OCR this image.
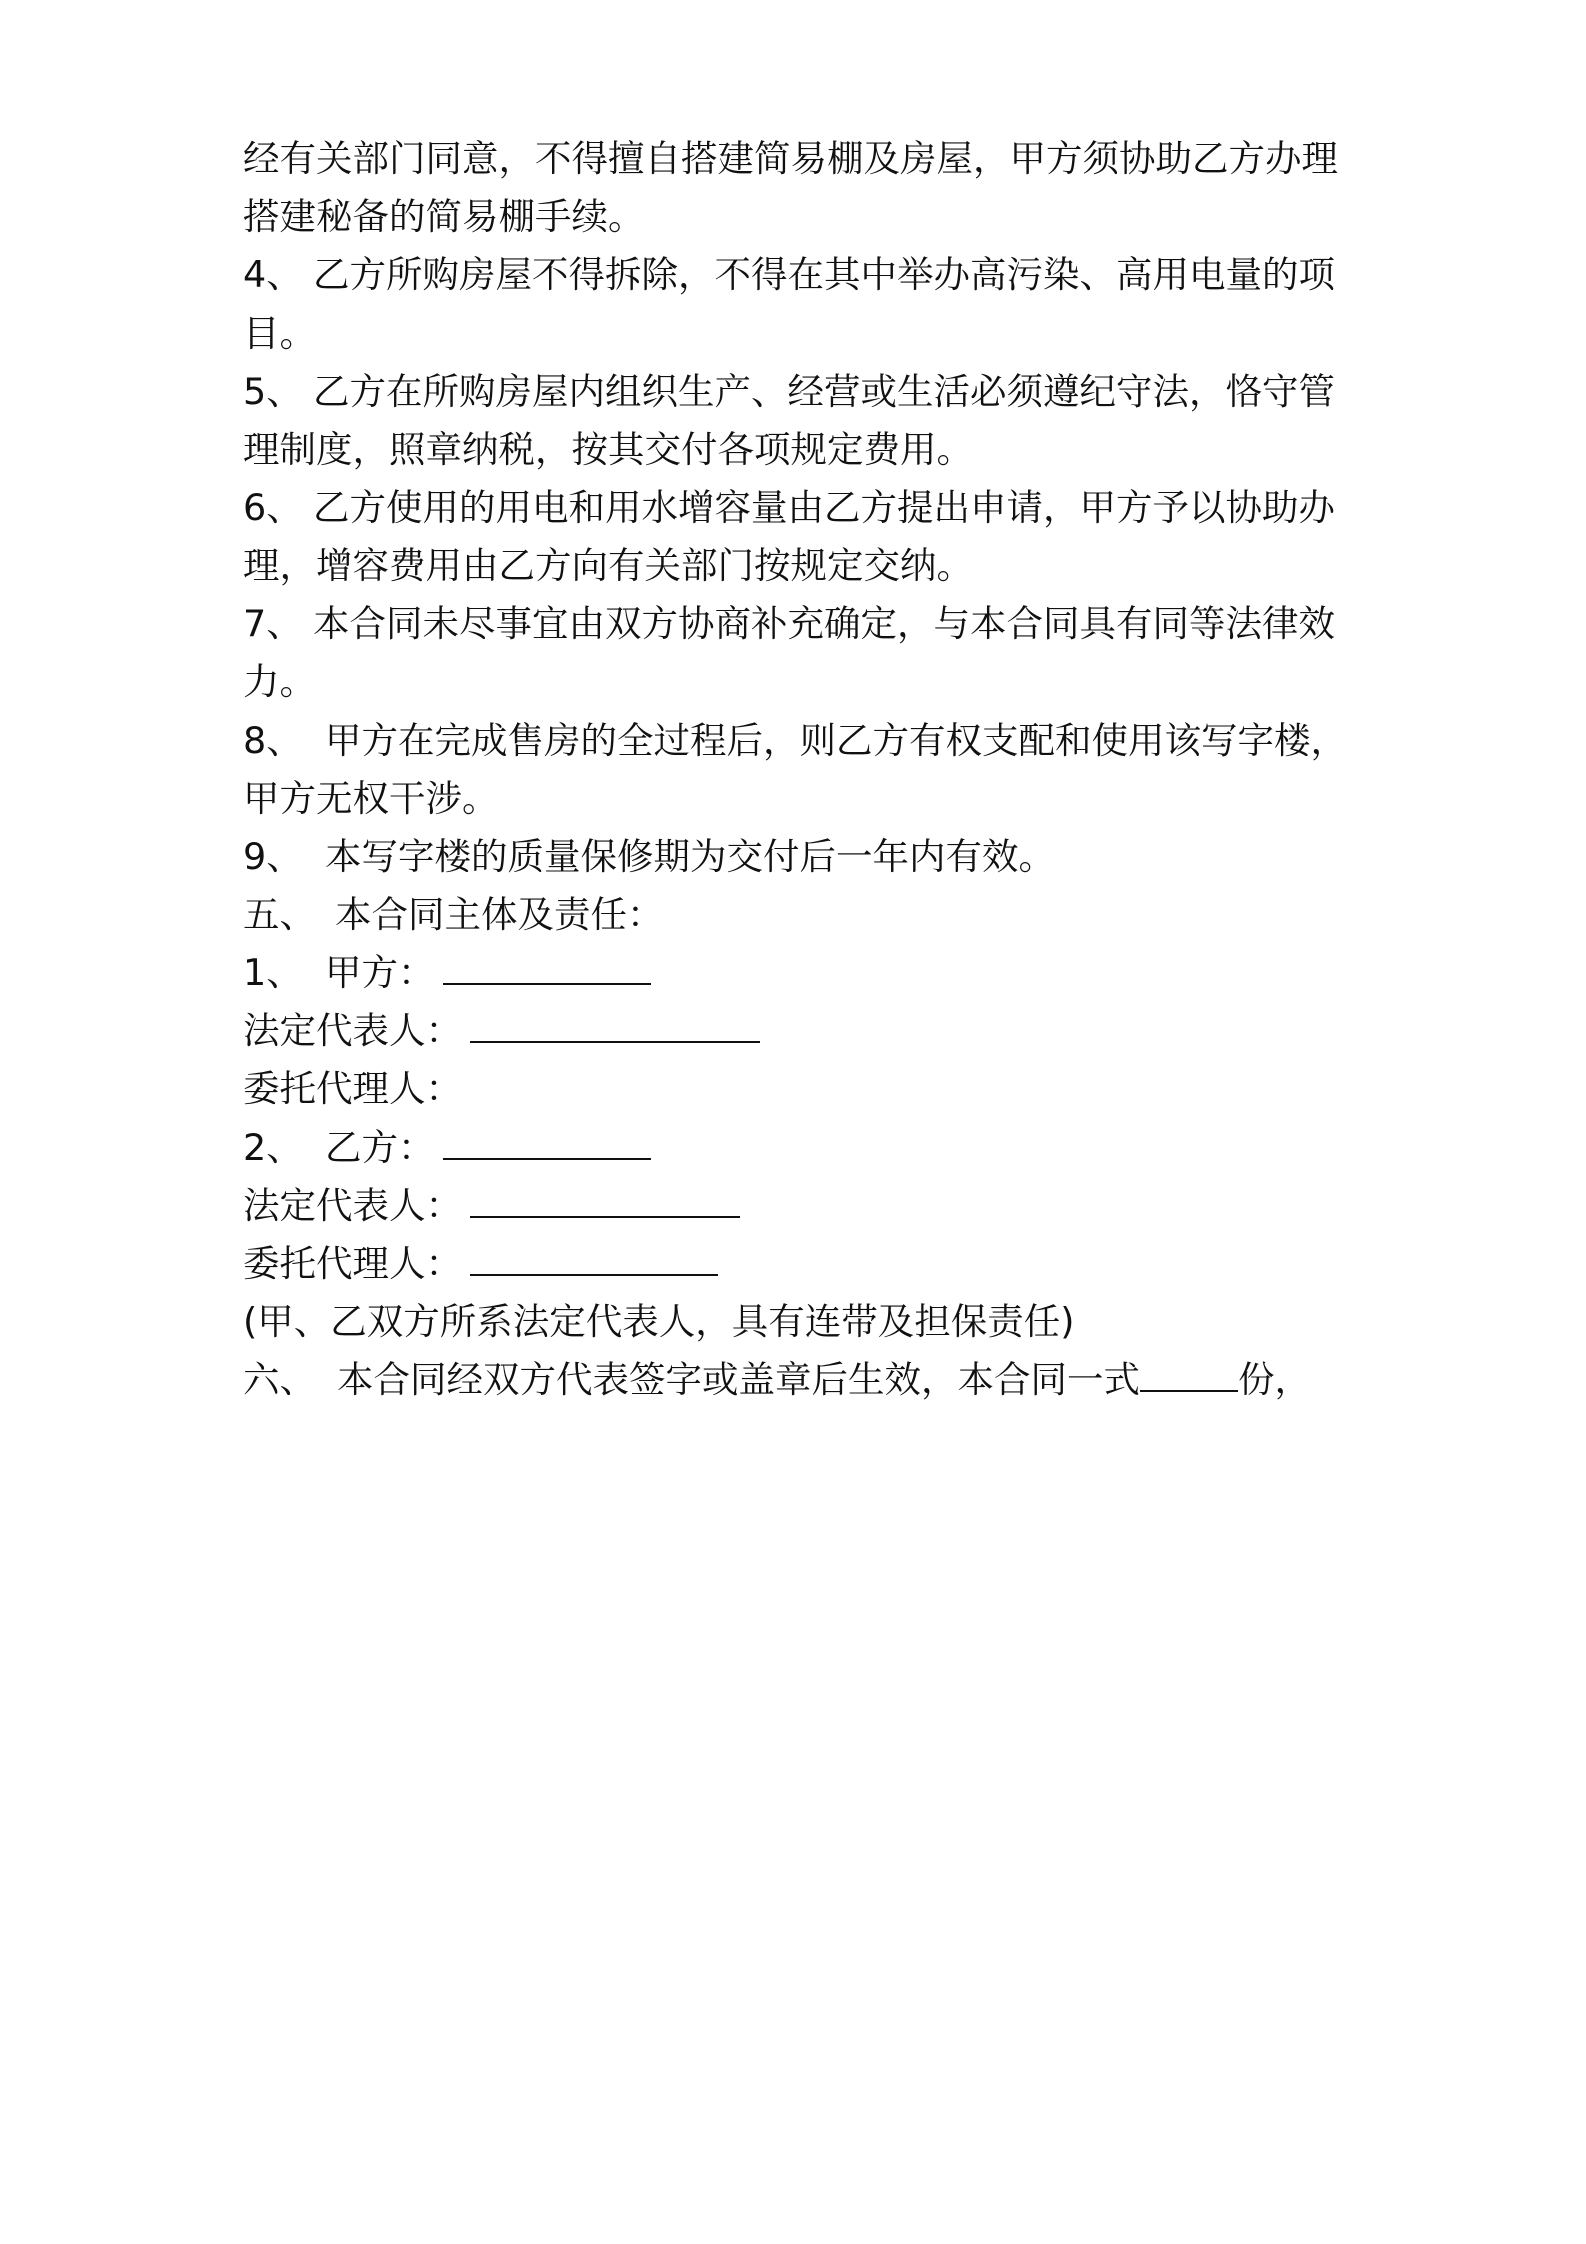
经有关部门同意，不得擅自搭建简易棚及房屋，甲方须协助乙方办理
搭建秘备的简易棚手续。
4、 乙方所购房屋不得拆除，不得在其中举办高污染、高用电量的项
目。
5、 乙方在所购房屋内组织生产、经营或生活必须遵纪守法，恪守管
理制度，照章纳税，按其交付各项规定费用。
6、 乙方使用的用电和用水增容量由乙方提出申请，甲方予以协助办
理，增容费用由乙方向有关部门按规定交纳。
7、 本合同未尽事宜由双方协商补充确定，与本合同具有同等法律效
力。
8、 甲方在完成售房的全过程后，则乙方有权支配和使用该写字楼，
甲方无权干涉。
9、 本写字楼的质量保修期为交付后一年内有效。
五、 本合同主体及责任：
1、 甲方：
法定代表人：
委托代理人：
2、 乙方：
法定代表人：
委托代理人：
(甲、乙双方所系法定代表人，具有连带及担保责任)
六、 本合同经双方代表签字或盖章后生效，本合同一式	份，
